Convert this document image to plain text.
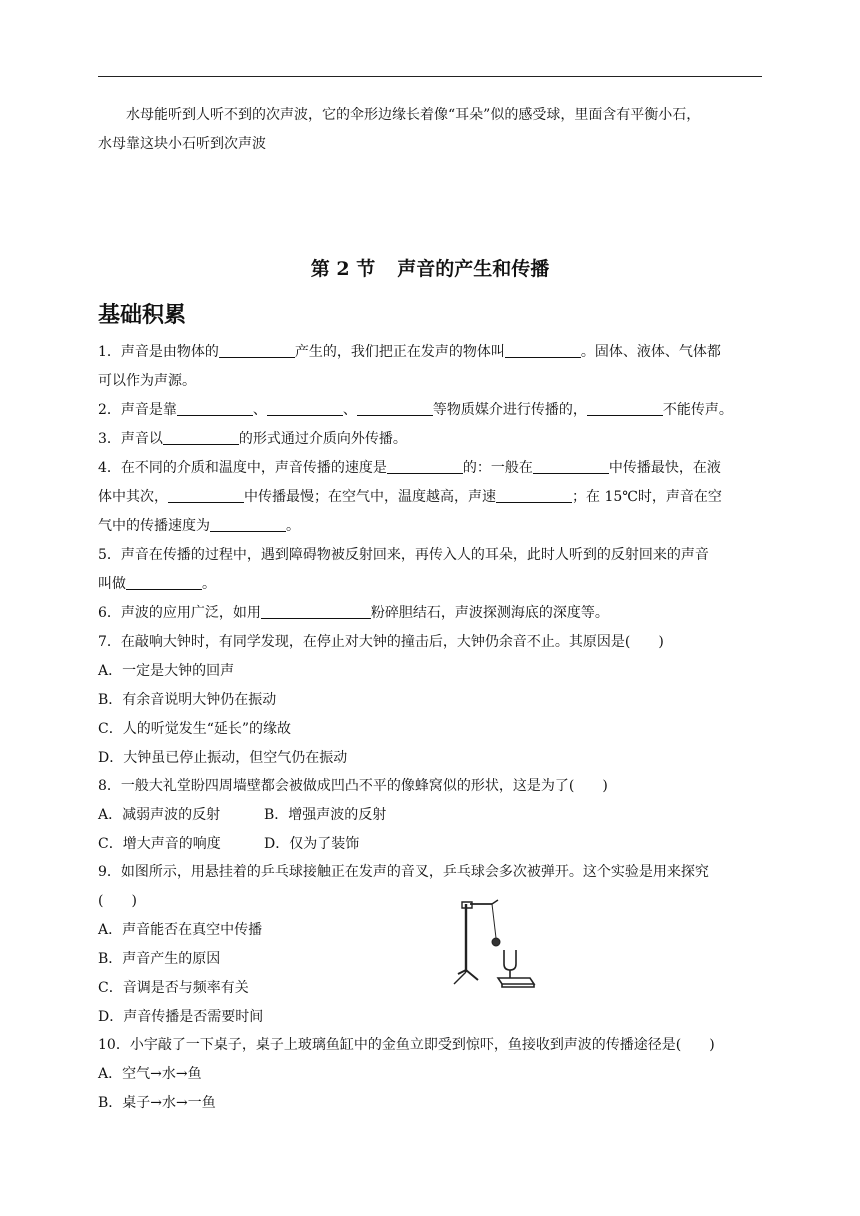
水母能听到人听不到的次声波，它的伞形边缘长着像“耳朵”似的感受球，里面含有平衡小石，
水母靠这块小石听到次声波
第 2 节 声音的产生和传播
基础积累
1．声音是由物体的	产生的，我们把正在发声的物体叫	。固体、液体、气体都
可以作为声源。
2．声音是靠	、	、	等物质媒介进行传播的，	不能传声。
3．声音以	的形式通过介质向外传播。
4．在不同的介质和温度中，声音传播的速度是	的：一般在	中传播最快，在液
体中其次，	中传播最慢；在空气中，温度越高，声速	；在 15℃时，声音在空
气中的传播速度为	。
5．声音在传播的过程中，遇到障碍物被反射回来，再传入人的耳朵，此时人听到的反射回来的声音
叫做	。
6．声波的应用广泛，如用	粉碎胆结石，声波探测海底的深度等。
7．在敲响大钟时，有同学发现，在停止对大钟的撞击后，大钟仍余音不止。其原因是(　　)
A．一定是大钟的回声
B．有余音说明大钟仍在振动
C．人的听觉发生“延长”的缘故
D．大钟虽已停止振动，但空气仍在振动
8．一般大礼堂盼四周墙壁都会被做成凹凸不平的像蜂窝似的形状，这是为了(　　)
A．减弱声波的反射	B．增强声波的反射
C．增大声音的响度	D．仅为了装饰
9．如图所示，用悬挂着的乒乓球接触正在发声的音叉，乒乓球会多次被弹开。这个实验是用来探究
(　　)
A．声音能否在真空中传播
B．声音产生的原因
C．音调是否与频率有关
D．声音传播是否需要时间
10．小宇敲了一下桌子，桌子上玻璃鱼缸中的金鱼立即受到惊吓，鱼接收到声波的传播途径是(　　)
A．空气→水→鱼
B．桌子→水→一鱼
